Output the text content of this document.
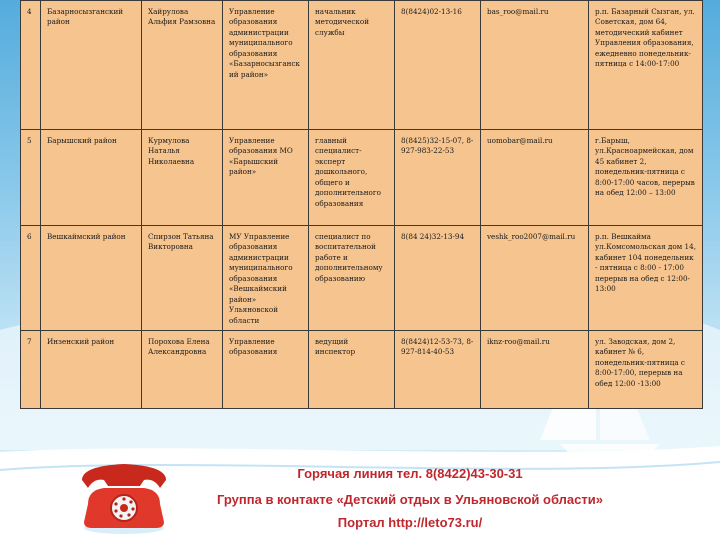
4	Базарносызганский район	Хайрулова Альфия Рамзовна	Управление образования администрации муниципального образования «Базарносызганский район»	начальник методической службы	8(8424)02-13-16	bas_roo@mail.ru	р.п. Базарный Сызган, ул. Советская, дом 64, методический кабинет Управления образования, ежедневно понедельник-пятница с 14:00-17:00
5	Барышский район	Курмулова Наталья Николаевна	Управление образования МО «Барышский район»	главный специалист-эксперт дошкольного, общего и дополнительного образования	8(8425)32-15-07, 8-927-983-22-53	uomobar@mail.ru	г.Барыш, ул.Красноармейская, дом 45 кабинет 2, понедельник-пятница с 8:00-17:00 часов, перерыв на обед 12:00 – 13:00
6	Вешкаймский район	Спирзон Татьяна Викторовна	МУ Управление образования администрации муниципального образования «Вешкаймский район» Ульяновской области	специалист по воспитательной работе и дополнительному образованию	8(84 24)32-13-94	veshk_roo2007@mail.ru	р.п. Вешкайма ул.Комсомольская дом 14, кабинет 104 понедельник - пятница с 8:00 - 17:00 перерыв на обед с 12:00-13:00
7	Инзенский район	Порохова Елена Александровна	Управление образования	ведущий инспектор	8(8424)12-53-73, 8-927-814-40-53	iknz-roo@mail.ru	ул. Заводская, дом 2, кабинет № 6, понедельник-пятница с 8:00-17:00, перерыв на обед 12:00 -13:00
Горячая линия тел. 8(8422)43-30-31
Группа в контакте «Детский отдых в Ульяновской области»
Портал http://leto73.ru/
